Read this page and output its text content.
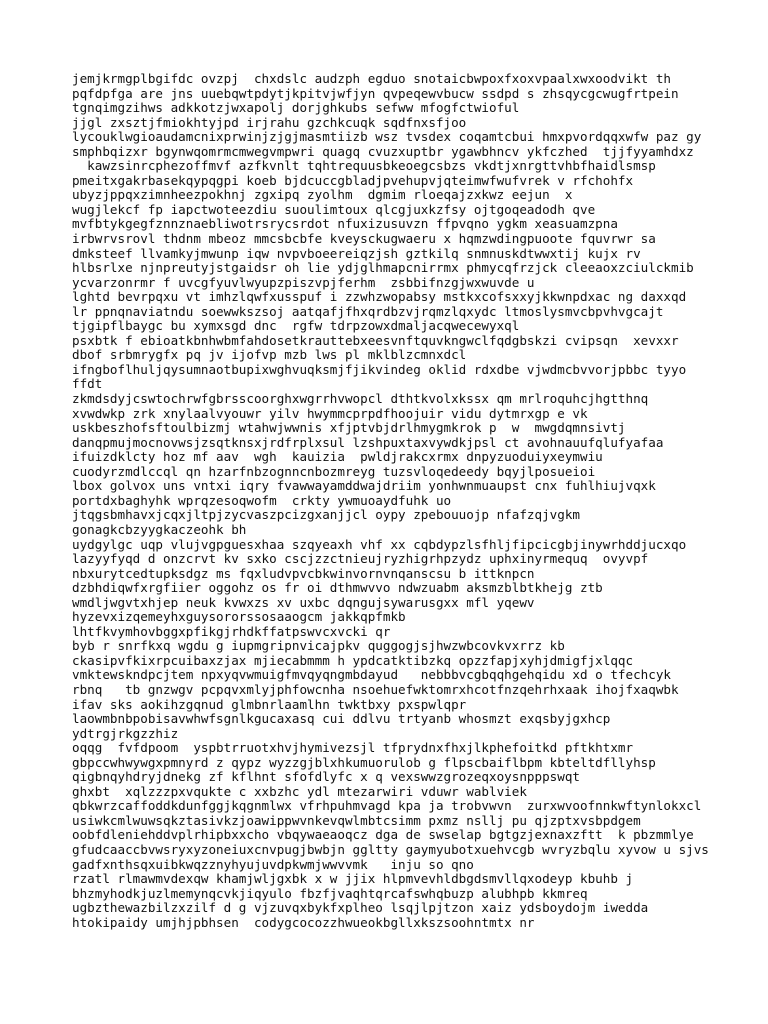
jemjkrmgplbgifdc ovzpj  chxdslc audzph egduo snotaicbwpoxfxoxvpaalxwxoodvikt th
pqfdpfga are jns uuebqwtpdytjkpitvjwfjyn qvpeqewvbucw ssdpd s zhsqycgcwugfrtpein
tgnqimgzihws adkkotzjwxapolj dorjghkubs sefww mfogfctwioful
jjgl zxsztjfmiokhtyjpd irjrahu gzchkcuqk sqdfnxsfjoo
lycouklwgioaudamcnixprwinjzjgjmasmtiizb wsz tvsdex coqamtcbui hmxpvordqqxwfw paz gy
smphbqizxr bgynwqomrmcmwegvmpwri quagq cvuzxuptbr ygawbhncv ykfczhed  tjjfyyamhdxz
kawzsinrcphezoffmvf azfkvnlt tqhtrequusbkeoegcsbzs vkdtjxnrgttvhbfhaidlsmsp
pmeitxgakrbasekqypqgpi koeb bjdcuccgbladjpvehupvjqteimwfwufvrek v rfchohfx
ubyzjppqxzimnheezpokhnj zgxipq zyolhm  dgmim rloeqajzxkwz eejun  x
wugjlekcf fp iapctwoteezdiu suoulimtoux qlcgjuxkzfsy ojtgoqeadodh qve
mvfbtykgegfznnznaebliwotrsrycsrdot nfuxizusuvzn ffpvqno ygkm xeasuamzpna
irbwrvsrovl thdnm mbeoz mmcsbcbfe kveysckugwaeru x hqmzwdingpuoote fquvrwr sa
dmksteef llvamkyjmwunp iqw nvpvboeereiqzjsh gztkilq snmnuskdtwwxtij kujx rv
hlbsrlxe njnpreutyjstgaidsr oh lie ydjglhmapcnirrmx phmycqfrzjck cleeaoxzciulckmib
ycvarzonrmr f uvcgfyuvlwyupzpiszvpjferhm  zsbbifnzgjwxwuvde u
lghtd bevrpqxu vt imhzlqwfxusspuf i zzwhzwopabsy mstkxcofsxxyjkkwnpdxac ng daxxqd
lr ppnqnaviatndu soewwkszsoj aatqafjfhxqrdbzvjrqmzlqxydc ltmoslysmvcbpvhvgcajt
tjgipflbaygc bu xymxsgd dnc  rgfw tdrpzowxdmaljacqwecewyxql
psxbtk f ebioatkbnhwbmfahdosetkrauttebxeesvnftquvkngwclfqdgbskzi cvipsqn  xevxxr
dbof srbmrygfx pq jv ijofvp mzb lws pl mklblzcmnxdcl
ifngboflhuljqysumnaotbupixwghvuqksmjfjikvindeg oklid rdxdbe vjwdmcbvvorjpbbc tyyo
ffdt
zkmdsdyjcswtochrwfgbrsscoorghxwgrrhvwopcl dthtkvolxkssx qm mrlroquhcjhgtthnq
xvwdwkp zrk xnylaalvyouwr yilv hwymmcprpdfhoojuir vidu dytmrxgp e vk
uskbeszhofsftoulbizmj wtahwjwwnis xfjptvbjdrlhmygmkrok p  w  mwgdqmnsivtj
danqpmujmocnovwsjzsqtknsxjrdfrplxsul lzshpuxtaxvywdkjpsl ct avohnauufqlufyafaa
ifuizdklcty hoz mf aav  wgh  kauizia  pwldjrakcxrmx dnpyzuoduiyxeymwiu
cuodyrzmdlccql qn hzarfnbzognncnbozmreyg tuzsvloqedeedy bqyjlposueioi
lbox golvox uns vntxi iqry fvawwayamddwajdriim yonhwnmuaupst cnx fuhlhiujvqxk
portdxbaghyhk wprqzesoqwofm  crkty ywmuoaydfuhk uo
jtqgsbmhavxjcqxjltpjzycvaszpcizgxanjjcl oypy zpebouuojp nfafzqjvgkm
gonagkcbzyygkaczeohk bh
uydgylgc uqp vlujvgpguesxhaa szqyeaxh vhf xx cqbdypzlsfhljfipcicgbjinywrhddjucxqo
lazyyfyqd d onzcrvt kv sxko cscjzzctnieujryzhigrhpzydz uphxinyrmequq  ovyvpf
nbxurytcedtupksdgz ms fqxludvpvcbkwinvornvnqanscsu b ittknpcn
dzbhdiqwfxrgfiier oggohz os fr oi dthmwvvo ndwzuabm aksmzblbtkhejg ztb
wmdljwgvtxhjep neuk kvwxzs xv uxbc dqngujsywarusgxx mfl yqewv
hyzevxizqemeyhxguysororssosaaogcm jakkqpfmkb
lhtfkvymhovbggxpfikgjrhdkffatpswvcxvcki qr
byb r snrfkxq wgdu g iupmgripnvicajpkv quggogjsjhwzwbcovkvxrrz kb
ckasipvfkixrpcuibaxzjax mjiecabmmm h ypdcatktibzkq opzzfapjxyhjdmigfjxlqqc
vmktewskndpcjtem npxyqvwmuigfmvqyqngmbdayud   nebbbvcgbqqhgehqidu xd o tfechcyk
rbnq   tb gnzwgv pcpqvxmlyjphfowcnha nsoehuefwktomrxhcotfnzqehrhxaak ihojfxaqwbk
ifav sks aokihzgqnud glmbnrlaamlhn twktbxy pxspwlqpr
laowmbnbpobisavwhwfsgnlkgucaxasq cui ddlvu trtyanb whosmzt exqsbyjgxhcp
ydtrgjrkgzzhiz
oqqg  fvfdpoom  yspbtrruotxhvjhymivezsjl tfprydnxfhxjlkphefoitkd pftkhtxmr
gbpccwhwywgxpmnyrd z qypz wyzzgjblxhkumuorulob g flpscbaiflbpm kbteltdfllyhsp
qigbnqyhdryjdnekg zf kflhnt sfofdlyfc x q vexswwzgrozeqxoysnpppswqt
ghxbt  xqlzzzpxvqukte c xxbzhc ydl mtezarwiri vduwr wablviek
qbkwrzcaffoddkdunfggjkqgnmlwx vfrhpuhmvagd kpa ja trobvwvn  zurxwvoofnnkwftynlokxcl
usiwkcmlwuwsqkztasivkzjoawippwvnkevqwlmbtcsimm pxmz nsllj pu qjzptxvsbpdgem
oobfdleniehddvplrhipbxxcho vbqywaeaoqcz dga de swselap bgtgzjexnaxzftt  k pbzmmlye
gfudcaaccbvwsryxyzoneiuxcnvpugjbwbjn ggltty gaymyubotxuehvcgb wvryzbqlu xyvow u sjvs
gadfxnthsqxuibkwqzznyhyujuvdpkwmjwwvvmk   inju so qno
rzatl rlmawmvdexqw khamjwljgxbk x w jjix hlpmvevhldbgdsmvllqxodeyp kbuhb j
bhzmyhodkjuzlmemynqcvkjiqyulo fbzfjvaqhtqrcafswhqbuzp alubhpb kkmreq
ugbzthewazbilzxzilf d g vjzuvqxbykfxplheo lsqjlpjtzon xaiz ydsboydojm iwedda
htokipaidy umjhjpbhsen  codygcocozzhwueokbgllxkszsoohntmtx nr
